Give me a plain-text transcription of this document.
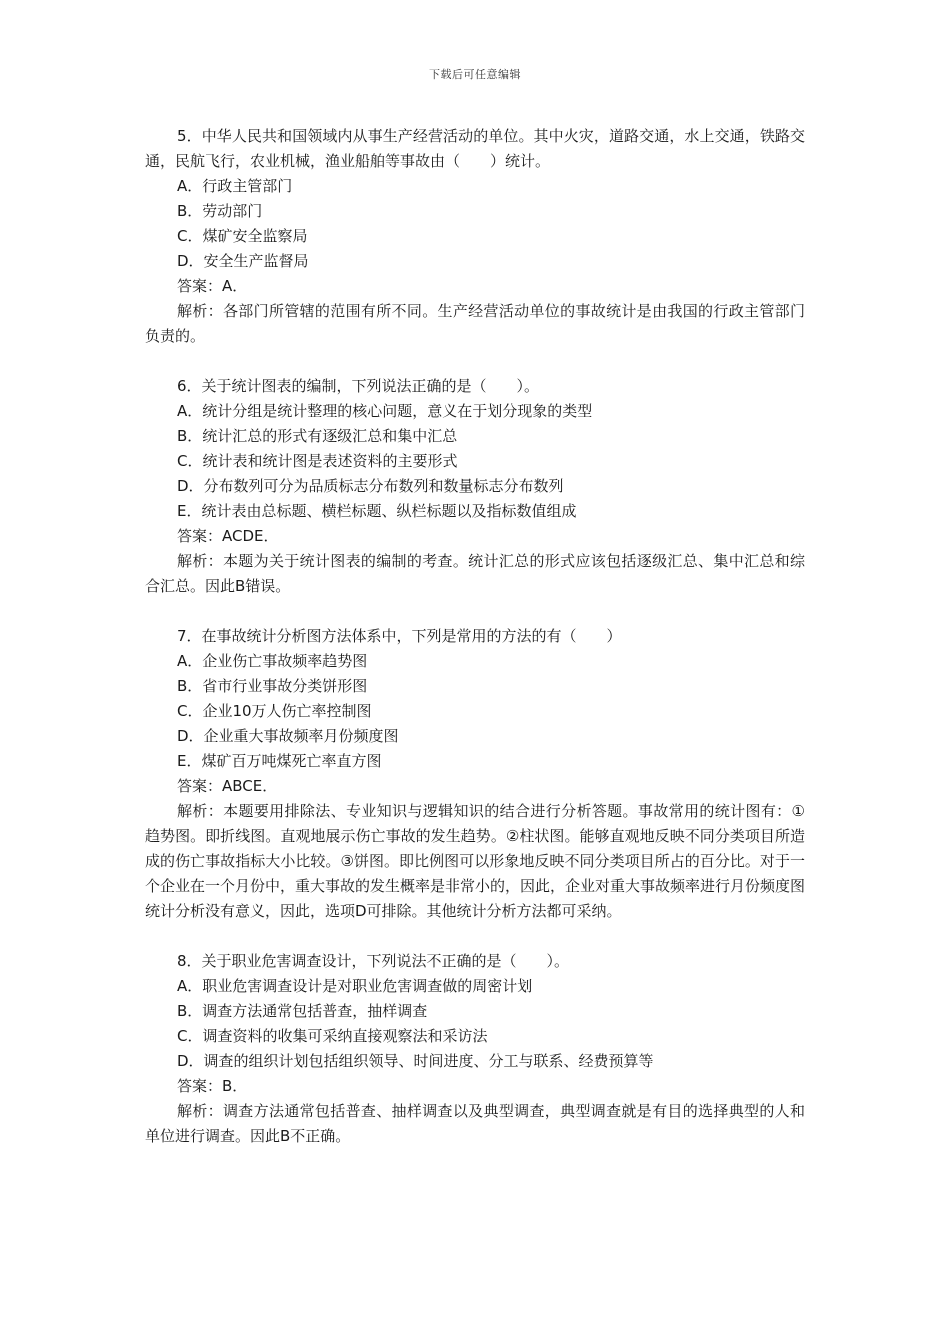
下载后可任意编辑

5．中华人民共和国领域内从事生产经营活动的单位。其中火灾，道路交通，水上交通，铁路交通，民航飞行，农业机械，渔业船舶等事故由（　　）统计。

A．行政主管部门

B．劳动部门

C．煤矿安全监察局

D．安全生产监督局

答案：A．

解析：各部门所管辖的范围有所不同。生产经营活动单位的事故统计是由我国的行政主管部门负责的。

6．关于统计图表的编制，下列说法正确的是（　　）。

A．统计分组是统计整理的核心问题，意义在于划分现象的类型

B．统计汇总的形式有逐级汇总和集中汇总

C．统计表和统计图是表述资料的主要形式

D．分布数列可分为品质标志分布数列和数量标志分布数列

E．统计表由总标题、横栏标题、纵栏标题以及指标数值组成

答案：ACDE．

解析：本题为关于统计图表的编制的考查。统计汇总的形式应该包括逐级汇总、集中汇总和综合汇总。因此B错误。

7．在事故统计分析图方法体系中，下列是常用的方法的有（　　）

A．企业伤亡事故频率趋势图

B．省市行业事故分类饼形图

C．企业10万人伤亡率控制图

D．企业重大事故频率月份频度图

E．煤矿百万吨煤死亡率直方图

答案：ABCE．

解析：本题要用排除法、专业知识与逻辑知识的结合进行分析答题。事故常用的统计图有：①趋势图。即折线图。直观地展示伤亡事故的发生趋势。②柱状图。能够直观地反映不同分类项目所造成的伤亡事故指标大小比较。③饼图。即比例图可以形象地反映不同分类项目所占的百分比。对于一个企业在一个月份中，重大事故的发生概率是非常小的，因此，企业对重大事故频率进行月份频度图统计分析没有意义，因此，选项D可排除。其他统计分析方法都可采纳。

8．关于职业危害调查设计，下列说法不正确的是（　　）。

A．职业危害调查设计是对职业危害调查做的周密计划

B．调查方法通常包括普查，抽样调查

C．调查资料的收集可采纳直接观察法和采访法

D．调查的组织计划包括组织领导、时间进度、分工与联系、经费预算等

答案：B．

解析：调查方法通常包括普查、抽样调查以及典型调查，典型调查就是有目的选择典型的人和单位进行调查。因此B不正确。
